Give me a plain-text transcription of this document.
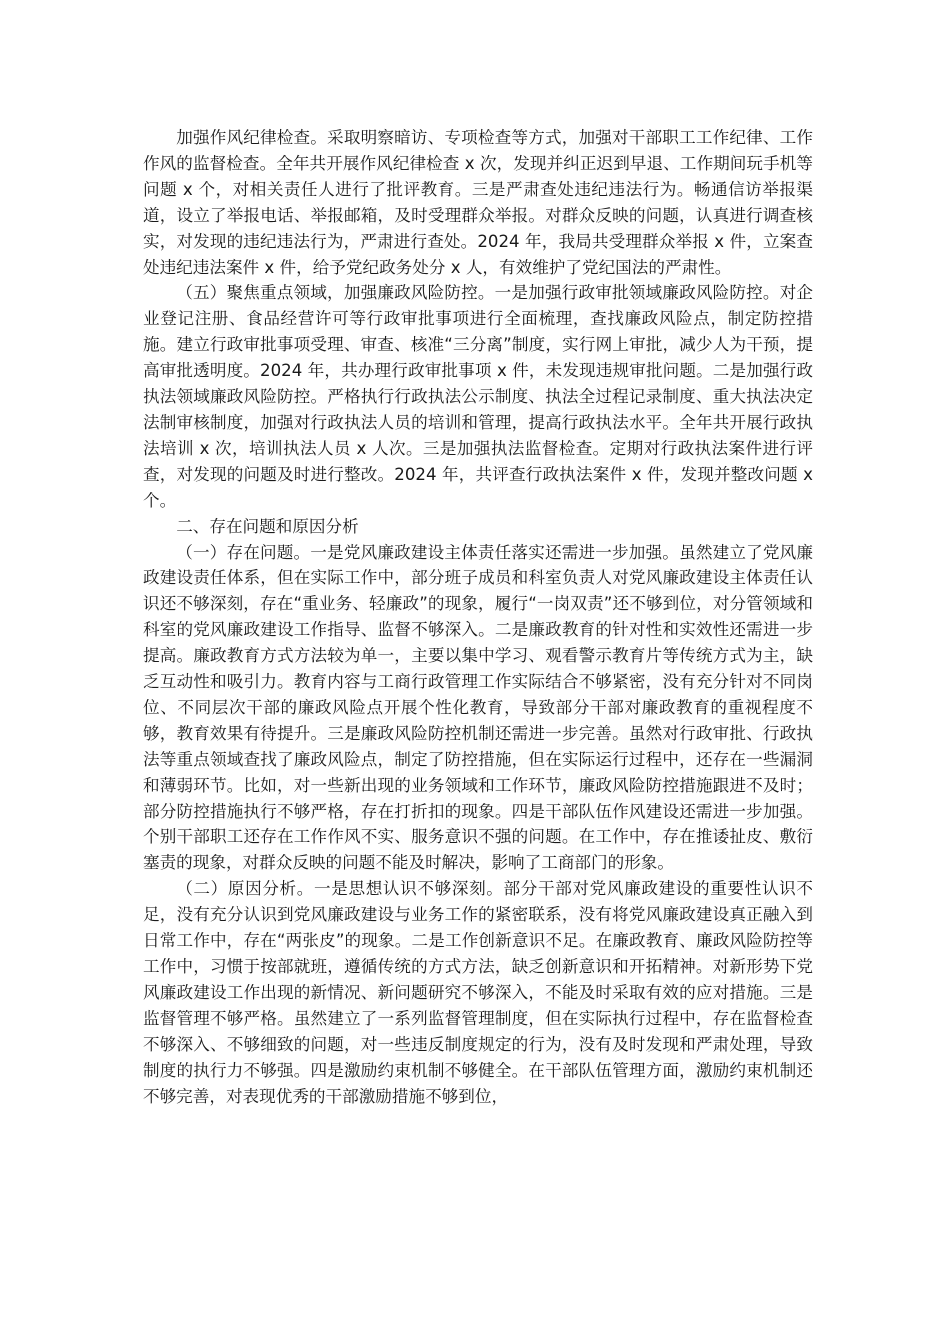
加强作风纪律检查。采取明察暗访、专项检查等方式，加强对干部职工工作纪律、工作作风的监督检查。全年共开展作风纪律检查 x 次，发现并纠正迟到早退、工作期间玩手机等问题 x 个，对相关责任人进行了批评教育。三是严肃查处违纪违法行为。畅通信访举报渠道，设立了举报电话、举报邮箱，及时受理群众举报。对群众反映的问题，认真进行调查核实，对发现的违纪违法行为，严肃进行查处。2024 年，我局共受理群众举报 x 件，立案查处违纪违法案件 x 件，给予党纪政务处分 x 人，有效维护了党纪国法的严肃性。

（五）聚焦重点领域，加强廉政风险防控。一是加强行政审批领域廉政风险防控。对企业登记注册、食品经营许可等行政审批事项进行全面梳理，查找廉政风险点，制定防控措施。建立行政审批事项受理、审查、核准“三分离”制度，实行网上审批，减少人为干预，提高审批透明度。2024 年，共办理行政审批事项 x 件，未发现违规审批问题。二是加强行政执法领域廉政风险防控。严格执行行政执法公示制度、执法全过程记录制度、重大执法决定法制审核制度，加强对行政执法人员的培训和管理，提高行政执法水平。全年共开展行政执法培训 x 次，培训执法人员 x 人次。三是加强执法监督检查。定期对行政执法案件进行评查，对发现的问题及时进行整改。2024 年，共评查行政执法案件 x 件，发现并整改问题 x 个。

二、存在问题和原因分析

（一）存在问题。一是党风廉政建设主体责任落实还需进一步加强。虽然建立了党风廉政建设责任体系，但在实际工作中，部分班子成员和科室负责人对党风廉政建设主体责任认识还不够深刻，存在“重业务、轻廉政”的现象，履行“一岗双责”还不够到位，对分管领域和科室的党风廉政建设工作指导、监督不够深入。二是廉政教育的针对性和实效性还需进一步提高。廉政教育方式方法较为单一，主要以集中学习、观看警示教育片等传统方式为主，缺乏互动性和吸引力。教育内容与工商行政管理工作实际结合不够紧密，没有充分针对不同岗位、不同层次干部的廉政风险点开展个性化教育，导致部分干部对廉政教育的重视程度不够，教育效果有待提升。三是廉政风险防控机制还需进一步完善。虽然对行政审批、行政执法等重点领域查找了廉政风险点，制定了防控措施，但在实际运行过程中，还存在一些漏洞和薄弱环节。比如，对一些新出现的业务领域和工作环节，廉政风险防控措施跟进不及时；部分防控措施执行不够严格，存在打折扣的现象。四是干部队伍作风建设还需进一步加强。个别干部职工还存在工作作风不实、服务意识不强的问题。在工作中，存在推诿扯皮、敷衍塞责的现象，对群众反映的问题不能及时解决，影响了工商部门的形象。

（二）原因分析。一是思想认识不够深刻。部分干部对党风廉政建设的重要性认识不足，没有充分认识到党风廉政建设与业务工作的紧密联系，没有将党风廉政建设真正融入到日常工作中，存在“两张皮”的现象。二是工作创新意识不足。在廉政教育、廉政风险防控等工作中，习惯于按部就班，遵循传统的方式方法，缺乏创新意识和开拓精神。对新形势下党风廉政建设工作出现的新情况、新问题研究不够深入，不能及时采取有效的应对措施。三是监督管理不够严格。虽然建立了一系列监督管理制度，但在实际执行过程中，存在监督检查不够深入、不够细致的问题，对一些违反制度规定的行为，没有及时发现和严肃处理，导致制度的执行力不够强。四是激励约束机制不够健全。在干部队伍管理方面，激励约束机制还不够完善，对表现优秀的干部激励措施不够到位，
